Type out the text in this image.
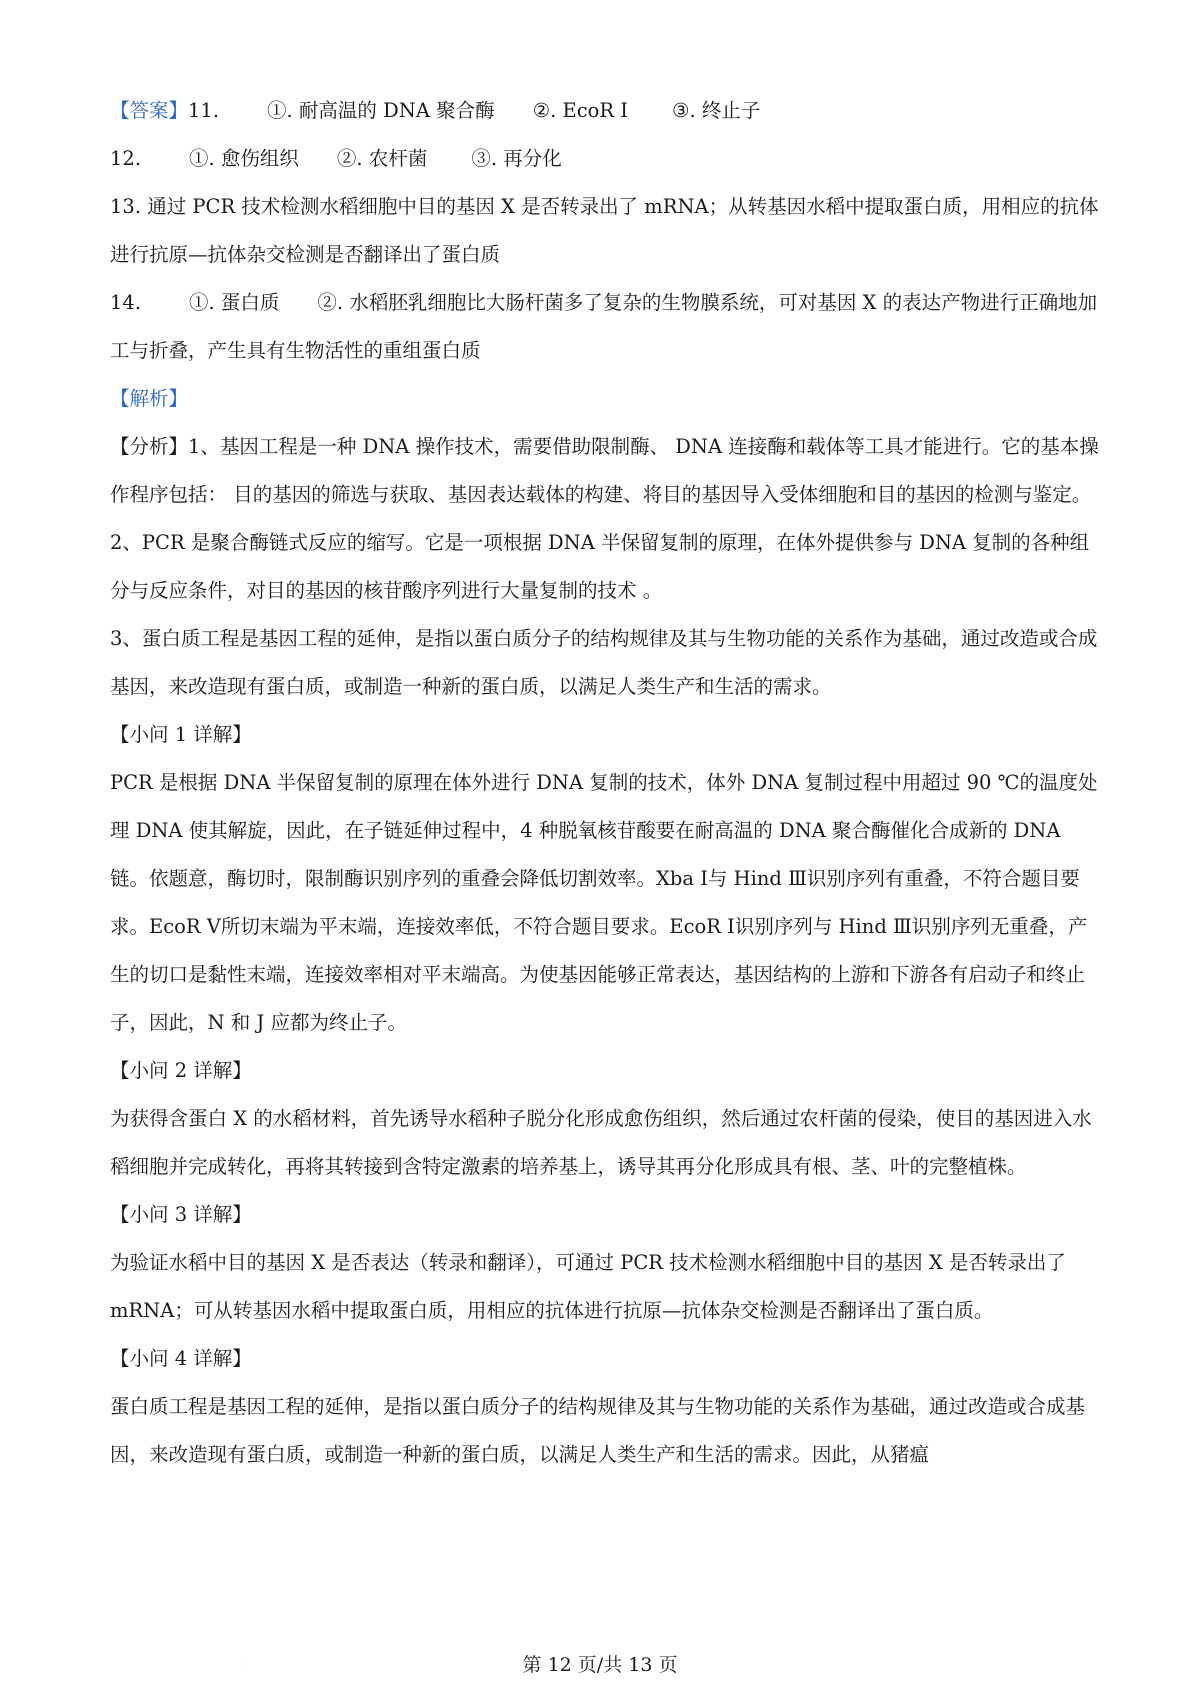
【答案】11. ①. 耐高温的 DNA 聚合酶 ②. EcoR Ⅰ ③. 终止子
12. ①. 愈伤组织 ②. 农杆菌 ③. 再分化
13. 通过 PCR 技术检测水稻细胞中目的基因 X 是否转录出了 mRNA；从转基因水稻中提取蛋白质，用相应的抗体进行抗原—抗体杂交检测是否翻译出了蛋白质
14. ①. 蛋白质 ②. 水稻胚乳细胞比大肠杆菌多了复杂的生物膜系统，可对基因 X 的表达产物进行正确地加工与折叠，产生具有生物活性的重组蛋白质
【解析】
【分析】1、基因工程是一种 DNA 操作技术，需要借助限制酶、 DNA 连接酶和载体等工具才能进行。它的基本操作程序包括： 目的基因的筛选与获取、基因表达载体的构建、将目的基因导入受体细胞和目的基因的检测与鉴定。
2、PCR 是聚合酶链式反应的缩写。它是一项根据 DNA 半保留复制的原理，在体外提供参与 DNA 复制的各种组分与反应条件，对目的基因的核苷酸序列进行大量复制的技术 。
3、蛋白质工程是基因工程的延伸，是指以蛋白质分子的结构规律及其与生物功能的关系作为基础，通过改造或合成基因，来改造现有蛋白质，或制造一种新的蛋白质，以满足人类生产和生活的需求。
【小问 1 详解】
PCR 是根据 DNA 半保留复制的原理在体外进行 DNA 复制的技术，体外 DNA 复制过程中用超过 90 ℃的温度处理 DNA 使其解旋，因此，在子链延伸过程中，4 种脱氧核苷酸要在耐高温的 DNA 聚合酶催化合成新的 DNA 链。依题意，酶切时，限制酶识别序列的重叠会降低切割效率。Xba Ⅰ与 Hind Ⅲ识别序列有重叠，不符合题目要求。EcoR Ⅴ所切末端为平末端，连接效率低，不符合题目要求。EcoR Ⅰ识别序列与 Hind Ⅲ识别序列无重叠，产生的切口是黏性末端，连接效率相对平末端高。为使基因能够正常表达，基因结构的上游和下游各有启动子和终止子，因此，N 和 J 应都为终止子。
【小问 2 详解】
为获得含蛋白 X 的水稻材料，首先诱导水稻种子脱分化形成愈伤组织，然后通过农杆菌的侵染，使目的基因进入水稻细胞并完成转化，再将其转接到含特定激素的培养基上，诱导其再分化形成具有根、茎、叶的完整植株。
【小问 3 详解】
为验证水稻中目的基因 X 是否表达（转录和翻译），可通过 PCR 技术检测水稻细胞中目的基因 X 是否转录出了 mRNA；可从转基因水稻中提取蛋白质，用相应的抗体进行抗原—抗体杂交检测是否翻译出了蛋白质。
【小问 4 详解】
蛋白质工程是基因工程的延伸，是指以蛋白质分子的结构规律及其与生物功能的关系作为基础，通过改造或合成基因，来改造现有蛋白质，或制造一种新的蛋白质，以满足人类生产和生活的需求。因此，从猪瘟
·	第 12 页/共 13 页
